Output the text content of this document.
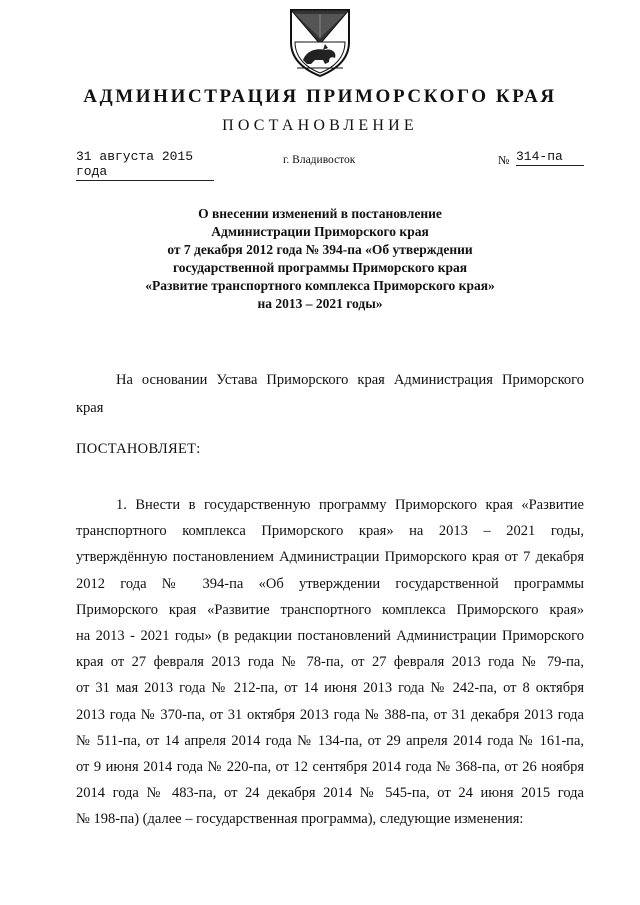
АДМИНИСТРАЦИЯ ПРИМОРСКОГО КРАЯ
ПОСТАНОВЛЕНИЕ
31 августа 2015 года
г. Владивосток	№ 314-па
О внесении изменений в постановление
Администрации Приморского края
от 7 декабря 2012 года № 394-па «Об утверждении
государственной программы Приморского края
«Развитие транспортного комплекса Приморского края»
на 2013 – 2021 годы»
На основании Устава Приморского края Администрация Приморского
края
ПОСТАНОВЛЯЕТ:
1. Внести в государственную программу Приморского края «Развитие
транспортного комплекса Приморского края» на 2013 – 2021 годы,
утверждённую постановлением Администрации Приморского края от 7 декабря
2012 года № 394-па «Об утверждении государственной программы
Приморского края «Развитие транспортного комплекса Приморского края»
на 2013 - 2021 годы» (в редакции постановлений Администрации Приморского
края от 27 февраля 2013 года № 78-па, от 27 февраля 2013 года № 79-па,
от 31 мая 2013 года № 212-па, от 14 июня 2013 года № 242-па, от 8 октября
2013 года № 370-па, от 31 октября 2013 года № 388-па, от 31 декабря 2013 года
№ 511-па, от 14 апреля 2014 года № 134-па, от 29 апреля 2014 года № 161-па,
от 9 июня 2014 года № 220-па, от 12 сентября 2014 года № 368-па, от 26 ноября
2014 года № 483-па, от 24 декабря 2014 № 545-па, от 24 июня 2015 года
№ 198-па) (далее – государственная программа), следующие изменения:
